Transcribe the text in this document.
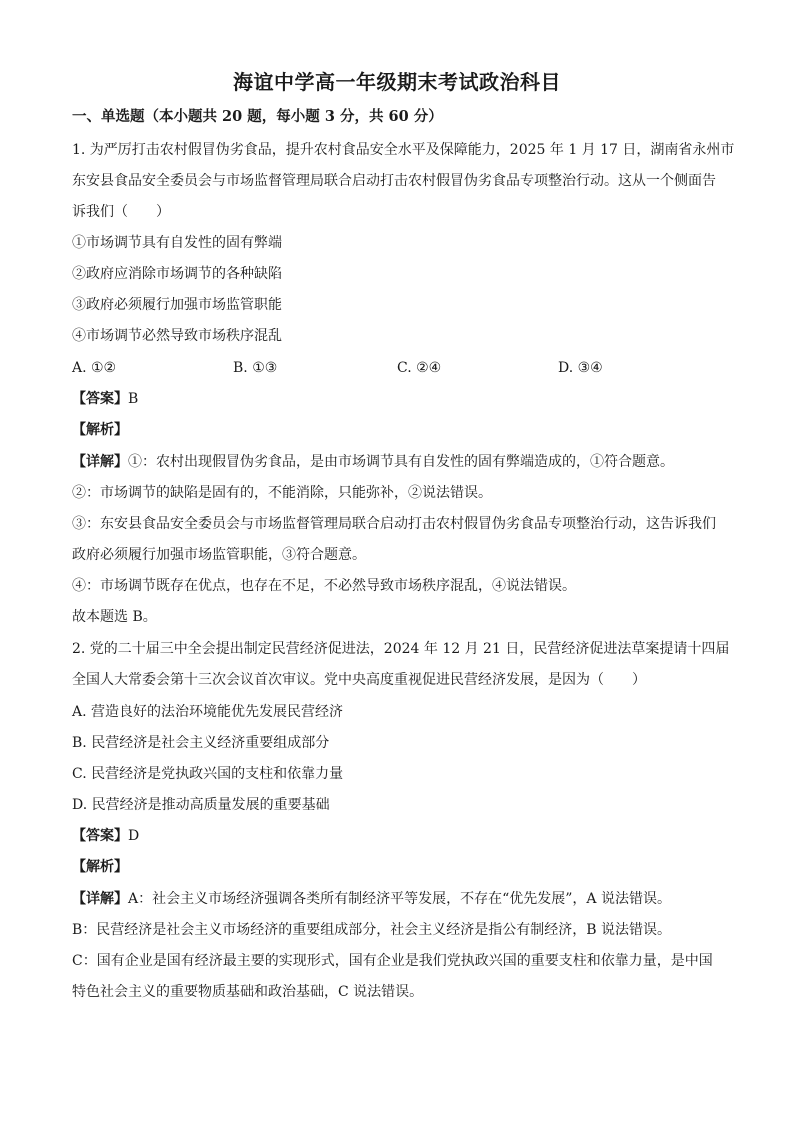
海谊中学高一年级期末考试政治科目
一、单选题（本小题共 20 题，每小题 3 分，共 60 分）
1. 为严厉打击农村假冒伪劣食品，提升农村食品安全水平及保障能力，2025 年 1 月 17 日，湖南省永州市
东安县食品安全委员会与市场监督管理局联合启动打击农村假冒伪劣食品专项整治行动。这从一个侧面告
诉我们（　　）
①市场调节具有自发性的固有弊端
②政府应消除市场调节的各种缺陷
③政府必须履行加强市场监管职能
④市场调节必然导致市场秩序混乱
A. ①②	B. ①③	C. ②④	D. ③④
【答案】B
【解析】
【详解】①：农村出现假冒伪劣食品，是由市场调节具有自发性的固有弊端造成的，①符合题意。
②：市场调节的缺陷是固有的，不能消除，只能弥补，②说法错误。
③：东安县食品安全委员会与市场监督管理局联合启动打击农村假冒伪劣食品专项整治行动，这告诉我们
政府必须履行加强市场监管职能，③符合题意。
④：市场调节既存在优点，也存在不足，不必然导致市场秩序混乱，④说法错误。
故本题选 B。
2. 党的二十届三中全会提出制定民营经济促进法，2024 年 12 月 21 日，民营经济促进法草案提请十四届
全国人大常委会第十三次会议首次审议。党中央高度重视促进民营经济发展，是因为（　　）
A. 营造良好的法治环境能优先发展民营经济
B. 民营经济是社会主义经济重要组成部分
C. 民营经济是党执政兴国的支柱和依靠力量
D. 民营经济是推动高质量发展的重要基础
【答案】D
【解析】
【详解】A：社会主义市场经济强调各类所有制经济平等发展，不存在“优先发展”，A 说法错误。
B：民营经济是社会主义市场经济的重要组成部分，社会主义经济是指公有制经济，B 说法错误。
C：国有企业是国有经济最主要的实现形式，国有企业是我们党执政兴国的重要支柱和依靠力量，是中国
特色社会主义的重要物质基础和政治基础，C 说法错误。
